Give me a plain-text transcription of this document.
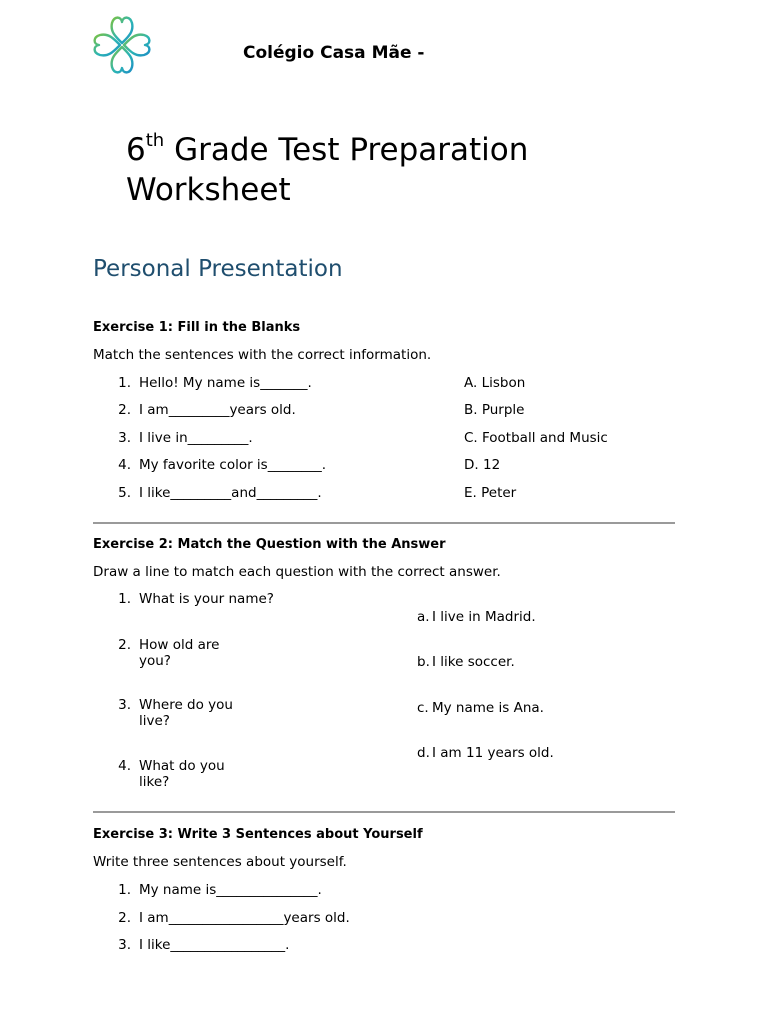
Colégio Casa Mãe -
6th Grade Test Preparation
Worksheet
Personal Presentation
Exercise 1: Fill in the Blanks
Match the sentences with the correct information.
1. Hello! My name is_______.
2. I am_________years old.
3. I live in_________.
4. My favorite color is________.
5. I like_________and_________.
A. Lisbon
B. Purple
C. Football and Music
D. 12
E. Peter
Exercise 2: Match the Question with the Answer
Draw a line to match each question with the correct answer.
1. What is your name?
2. How old are you?
3. Where do you live?
4. What do you like?
a. I live in Madrid.
b. I like soccer.
c. My name is Ana.
d. I am 11 years old.
Exercise 3: Write 3 Sentences about Yourself
Write three sentences about yourself.
1. My name is_______________.
2. I am_________________years old.
3. I like_________________.
